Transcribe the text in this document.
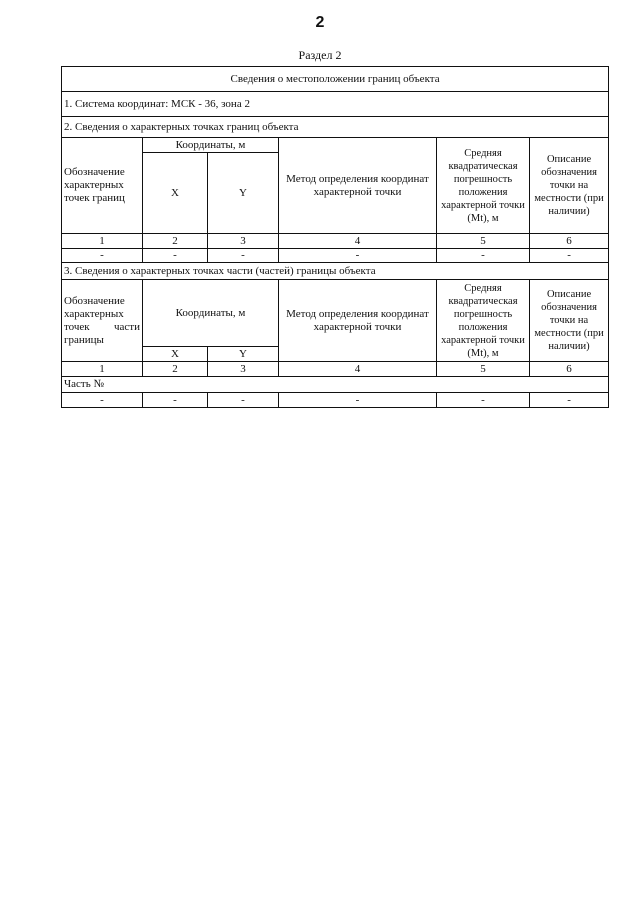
2
Раздел 2
Сведения о местоположении границ объекта					
1. Система координат: МСК - 36, зона 2					
2. Сведения о характерных точках границ объекта					
Обозначение характерных точек границ	Координаты, м		Метод определения координат характерной точки	Средняя квадратическая погрешность положения характерной точки (Mt), м	Описание обозначения точки на местности (при наличии)
	X	Y			
1	2	3	4	5	6
-	-	-	-	-	-
3. Сведения о характерных точках части (частей) границы объекта					
Обозначение характерных точек части границы	Координаты, м		Метод определения координат характерной точки	Средняя квадратическая погрешность положения характерной точки (Mt), м	Описание обозначения точки на местности (при наличии)
	X	Y			
1	2	3	4	5	6
Часть №					
-	-	-	-	-	-
